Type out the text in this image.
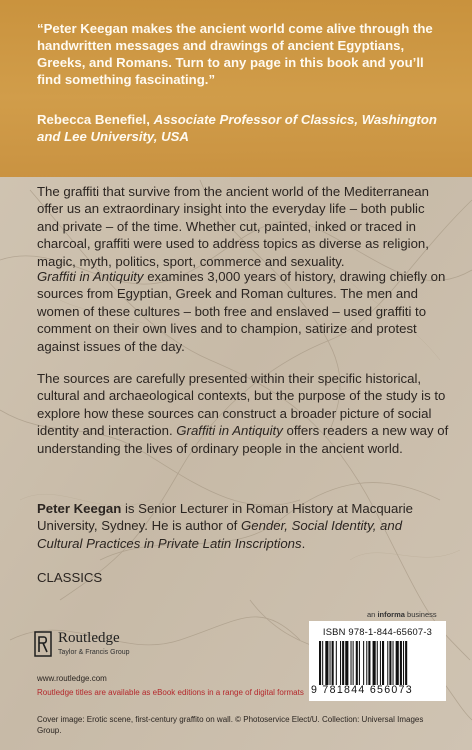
“Peter Keegan makes the ancient world come alive through the handwritten messages and drawings of ancient Egyptians, Greeks, and Romans. Turn to any page in this book and you’ll find something fascinating.”

Rebecca Benefiel, Associate Professor of Classics, Washington and Lee University, USA

The graffiti that survive from the ancient world of the Mediterranean offer us an extraordinary insight into the everyday life – both public and private – of the time. Whether cut, painted, inked or traced in charcoal, graffiti were used to address topics as diverse as religion, magic, myth, politics, sport, commerce and sexuality.

Graffiti in Antiquity examines 3,000 years of history, drawing chiefly on sources from Egyptian, Greek and Roman cultures. The men and women of these cultures – both free and enslaved – used graffiti to comment on their own lives and to champion, satirize and protest against issues of the day.

The sources are carefully presented within their specific historical, cultural and archaeological contexts, but the purpose of the study is to explore how these sources can construct a broader picture of social identity and interaction. Graffiti in Antiquity offers readers a new way of understanding the lives of ordinary people in the ancient world.

Peter Keegan is Senior Lecturer in Roman History at Macquarie University, Sydney. He is author of Gender, Social Identity, and Cultural Practices in Private Latin Inscriptions.

CLASSICS
an informa business
ISBN 978-1-844-65607-3
9 781844 656073
Routledge
Taylor & Francis Group
www.routledge.com
Routledge titles are available as eBook editions in a range of digital formats

Cover image: Erotic scene, first-century graffito on wall. © Photoservice Elect/U. Collection: Universal Images Group.
